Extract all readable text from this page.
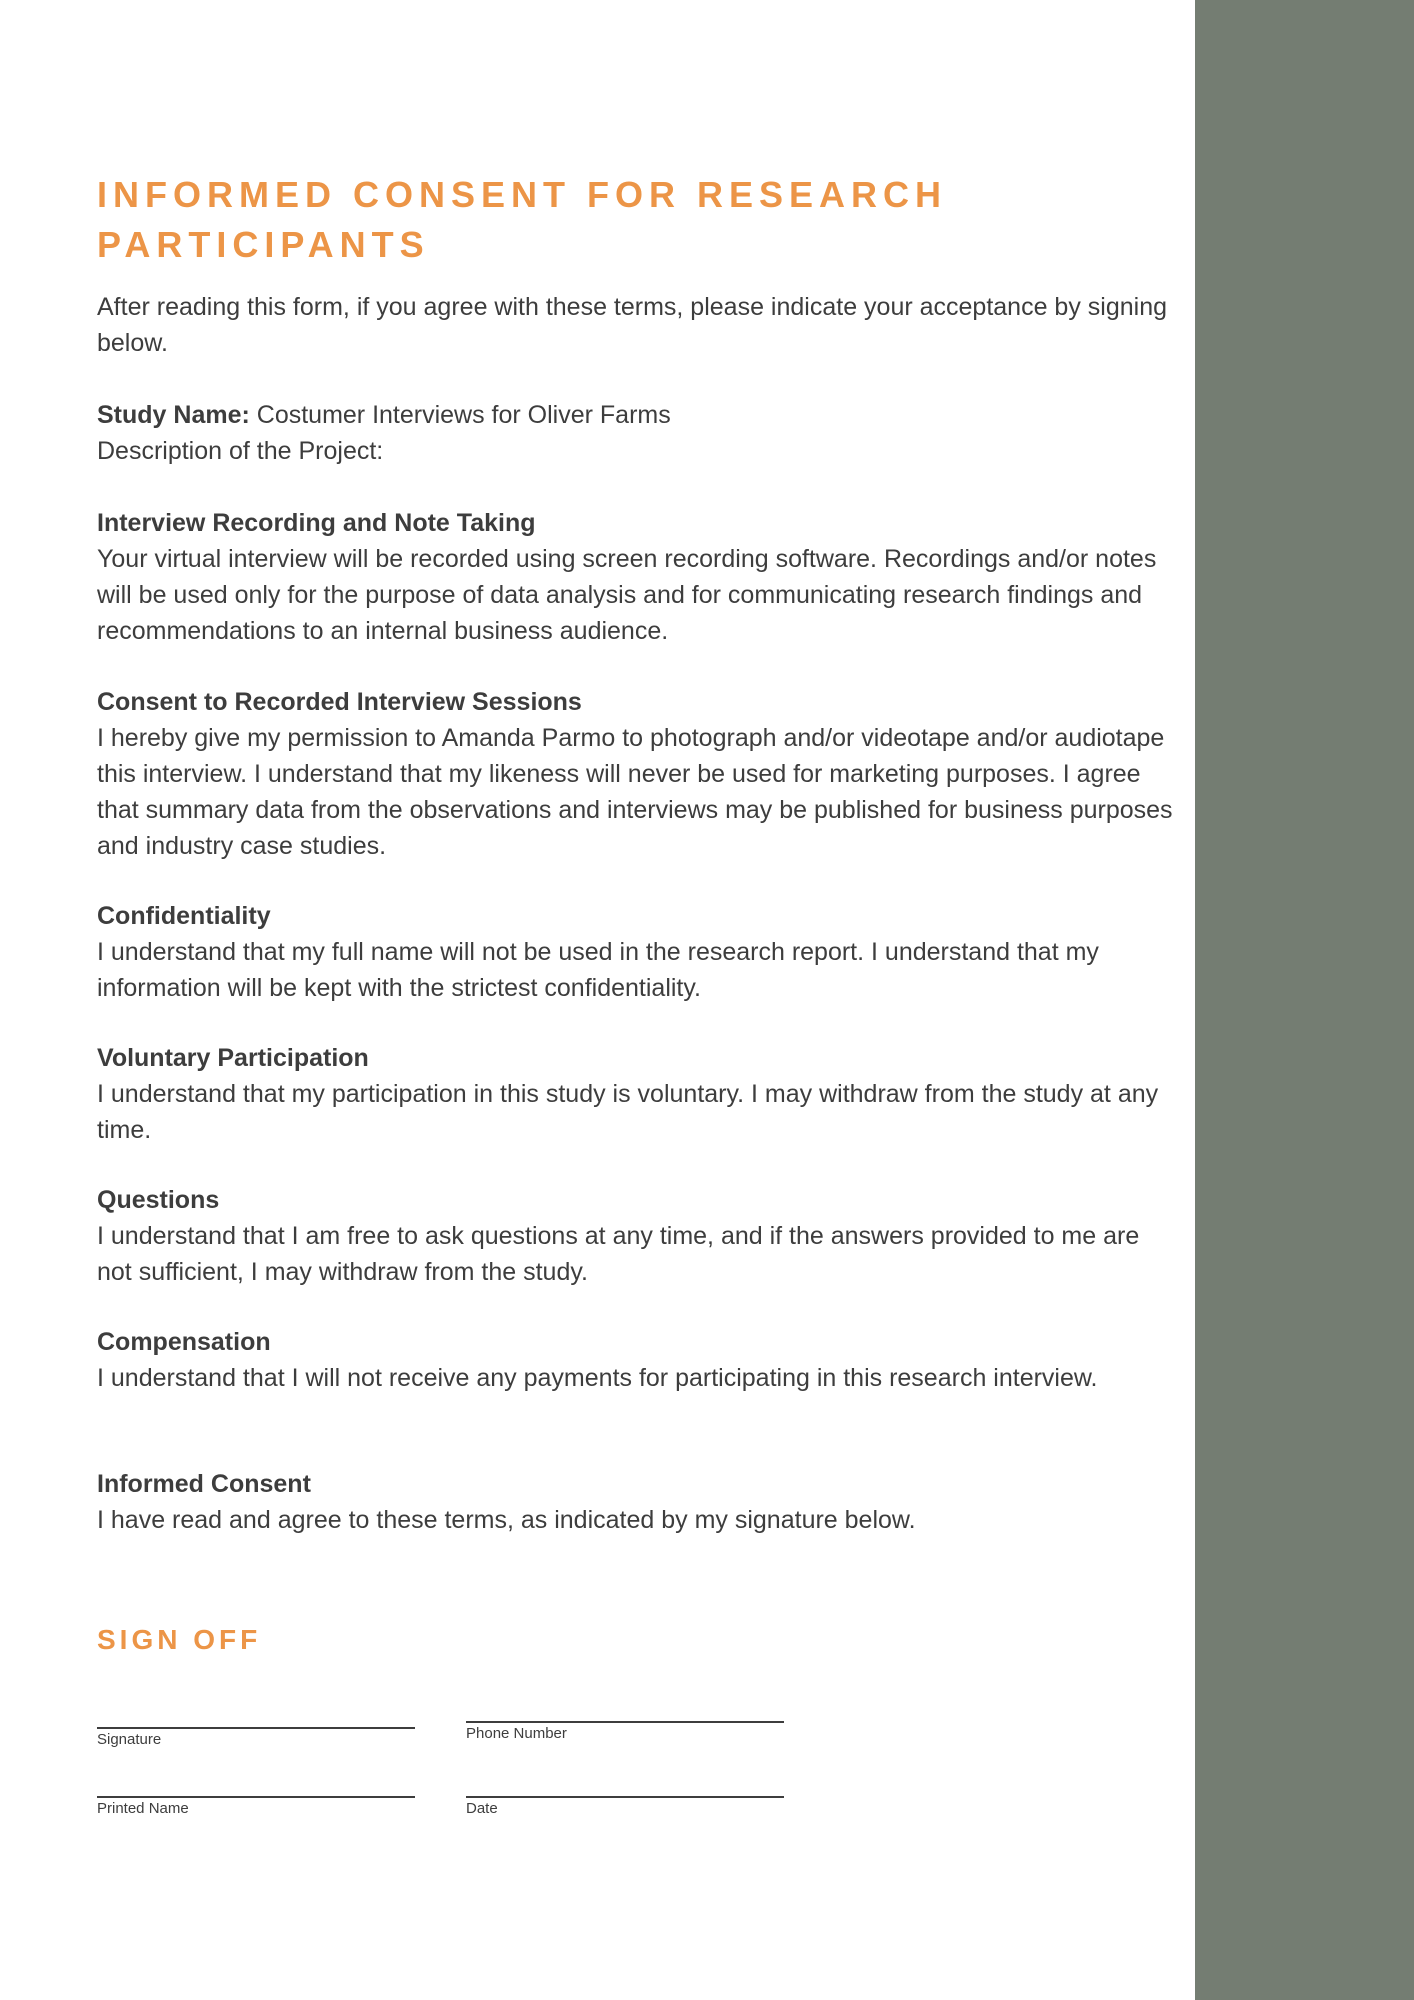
INFORMED CONSENT FOR RESEARCH PARTICIPANTS

After reading this form, if you agree with these terms, please indicate your acceptance by signing below.

Study Name: Costumer Interviews for Oliver Farms
Description of the Project:
Interview Recording and Note Taking

Your virtual interview will be recorded using screen recording software. Recordings and/or notes will be used only for the purpose of data analysis and for communicating research findings and recommendations to an internal business audience.

Consent to Recorded Interview Sessions

I hereby give my permission to Amanda Parmo to photograph and/or videotape and/or audiotape this interview. I understand that my likeness will never be used for marketing purposes. I agree that summary data from the observations and interviews may be published for business purposes and industry case studies.

Confidentiality

I understand that my full name will not be used in the research report. I understand that my information will be kept with the strictest confidentiality.

Voluntary Participation

I understand that my participation in this study is voluntary. I may withdraw from the study at any time.

Questions

I understand that I am free to ask questions at any time, and if the answers provided to me are not sufficient, I may withdraw from the study.

Compensation

I understand that I will not receive any payments for participating in this research interview.

Informed Consent

I have read and agree to these terms, as indicated by my signature below.

SIGN OFF
Signature	Phone Number
Printed Name	Date
